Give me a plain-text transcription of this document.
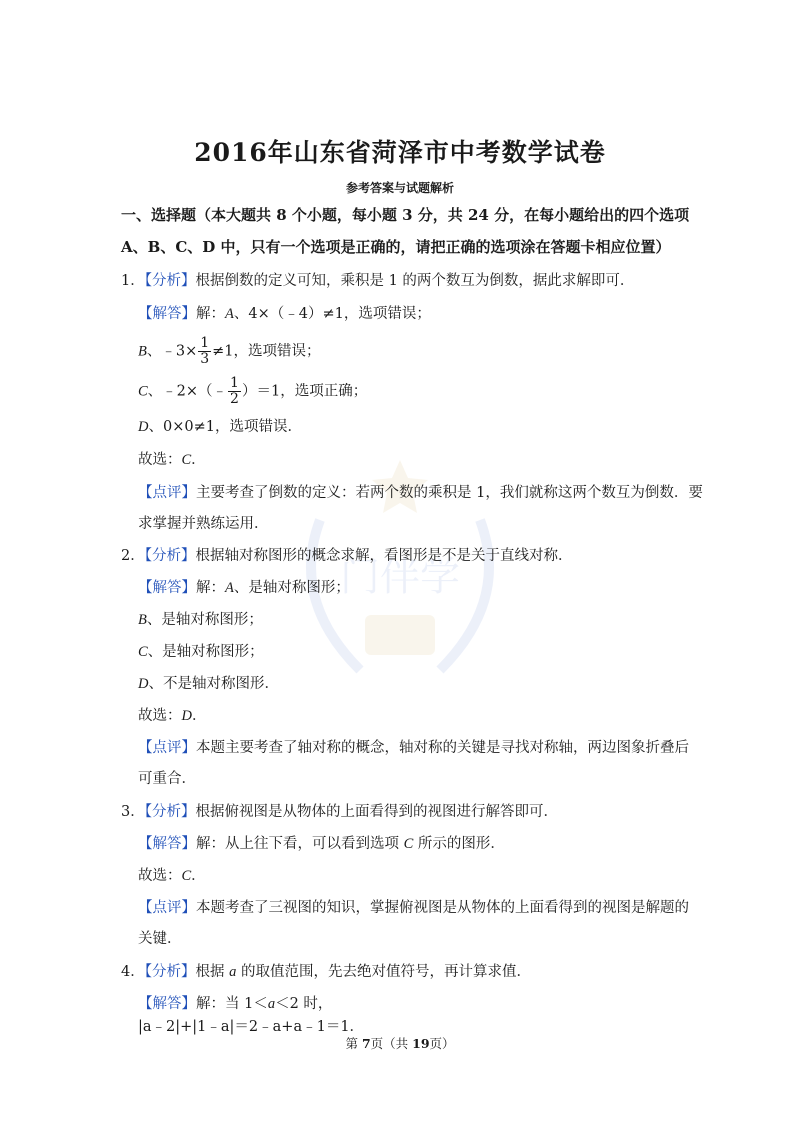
门伴学
2016年山东省菏泽市中考数学试卷
参考答案与试题解析
一、选择题（本大题共 8 个小题，每小题 3 分，共 24 分，在每小题给出的四个选项 A、B、C、D 中，只有一个选项是正确的，请把正确的选项涂在答题卡相应位置）
1．【分析】根据倒数的定义可知，乘积是 1 的两个数互为倒数，据此求解即可．
【解答】解：A、4×（﹣4）≠1，选项错误；
B、﹣3× $\frac{1}{3} \ne 1$，选项错误；
C、﹣2×（﹣ $\frac{1}{2} )=1$，选项正确；
D、0×0≠1，选项错误．
故选：C．
【点评】主要考查了倒数的定义：若两个数的乘积是 1，我们就称这两个数互为倒数．要
求掌握并熟练运用．
2．【分析】根据轴对称图形的概念求解，看图形是不是关于直线对称．
【解答】解：A、是轴对称图形；
B、是轴对称图形；
C、是轴对称图形；
D、不是轴对称图形．
故选：D．
【点评】本题主要考查了轴对称的概念，轴对称的关键是寻找对称轴，两边图象折叠后
可重合．
3．【分析】根据俯视图是从物体的上面看得到的视图进行解答即可．
【解答】解：从上往下看，可以看到选项 C 所示的图形．
故选：C．
【点评】本题考查了三视图的知识，掌握俯视图是从物体的上面看得到的视图是解题的
关键．
4．【分析】根据 a 的取值范围，先去绝对值符号，再计算求值．
【解答】解：当 1＜a＜2 时，
|a﹣2|+|1﹣a|＝2﹣a+a﹣1＝1．
第 7页（共 19页）
